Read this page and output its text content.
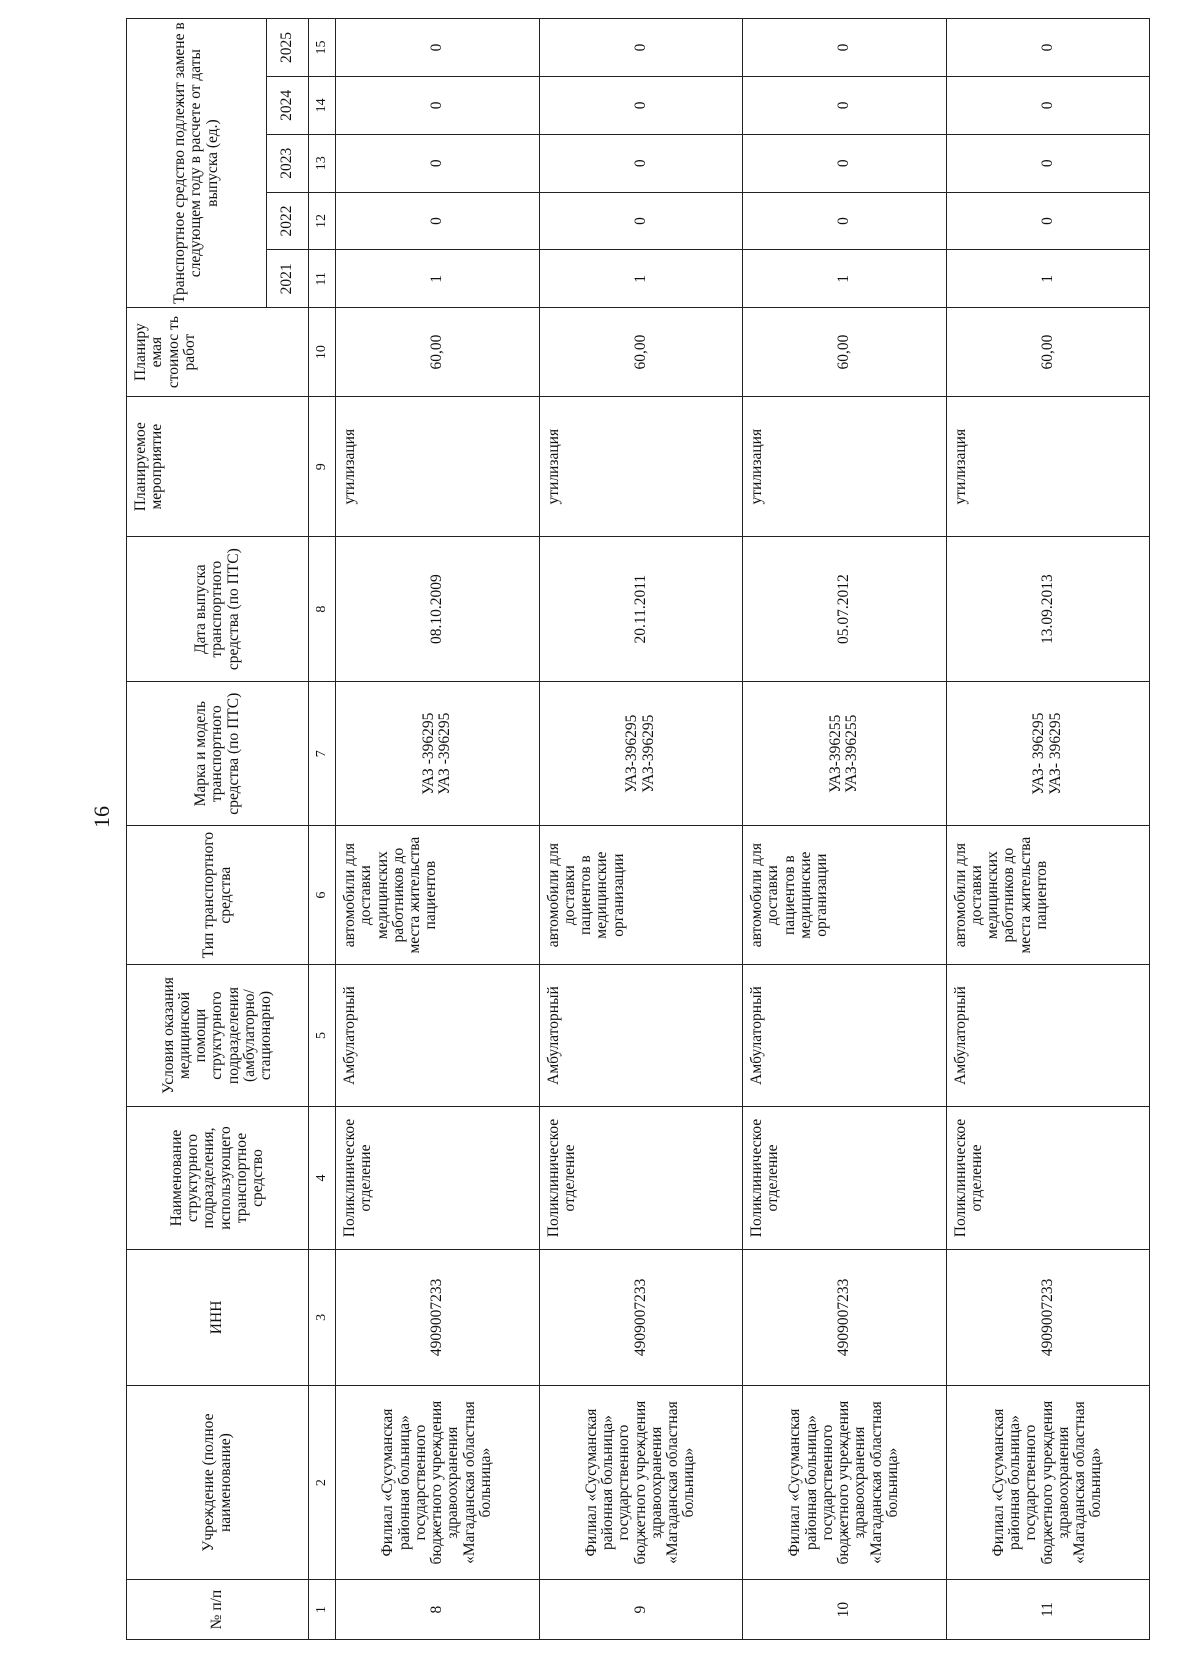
16
№ п/п	Учреждение (полное наименование)	ИНН	Наименование структурного подразделения, использующего транспортное средство	Условия оказания медицинской помощи структурного подразделения (амбулаторно/ стационарно)	Тип транспортного средства	Марка и модель транспортного средства (по ПТС)	Дата выпуска транспортного средства (по ПТС)	Планируемое мероприятие	Планиру емая стоимос ть работ	Транспортное средство подлежит замене в следующем году в расчете от даты выпуска (ед.)				
										2021	2022	2023	2024	2025
1	2	3	4	5	6	7	8	9	10	11	12	13	14	15
8	Филиал «Сусуманская районная больница» государственного бюджетного учреждения здравоохранения «Магаданская областная больница»	4909007233	Поликлиническое отделение	Амбулаторный	автомобили для доставки медицинских работников до места жительства пациентов	УАЗ -396295 УАЗ -396295	08.10.2009	утилизация	60,00	1	0	0	0	0
9	Филиал «Сусуманская районная больница» государственного бюджетного учреждения здравоохранения «Магаданская областная больница»	4909007233	Поликлиническое отделение	Амбулаторный	автомобили для доставки пациентов в медицинские организации	УАЗ-396295 УАЗ-396295	20.11.2011	утилизация	60,00	1	0	0	0	0
10	Филиал «Сусуманская районная больница» государственного бюджетного учреждения здравоохранения «Магаданская областная больница»	4909007233	Поликлиническое отделение	Амбулаторный	автомобили для доставки пациентов в медицинские организации	УАЗ-396255 УАЗ-396255	05.07.2012	утилизация	60,00	1	0	0	0	0
11	Филиал «Сусуманская районная больница» государственного бюджетного учреждения здравоохранения «Магаданская областная больница»	4909007233	Поликлиническое отделение	Амбулаторный	автомобили для доставки медицинских работников до места жительства пациентов	УАЗ- 396295 УАЗ- 396295	13.09.2013	утилизация	60,00	1	0	0	0	0
